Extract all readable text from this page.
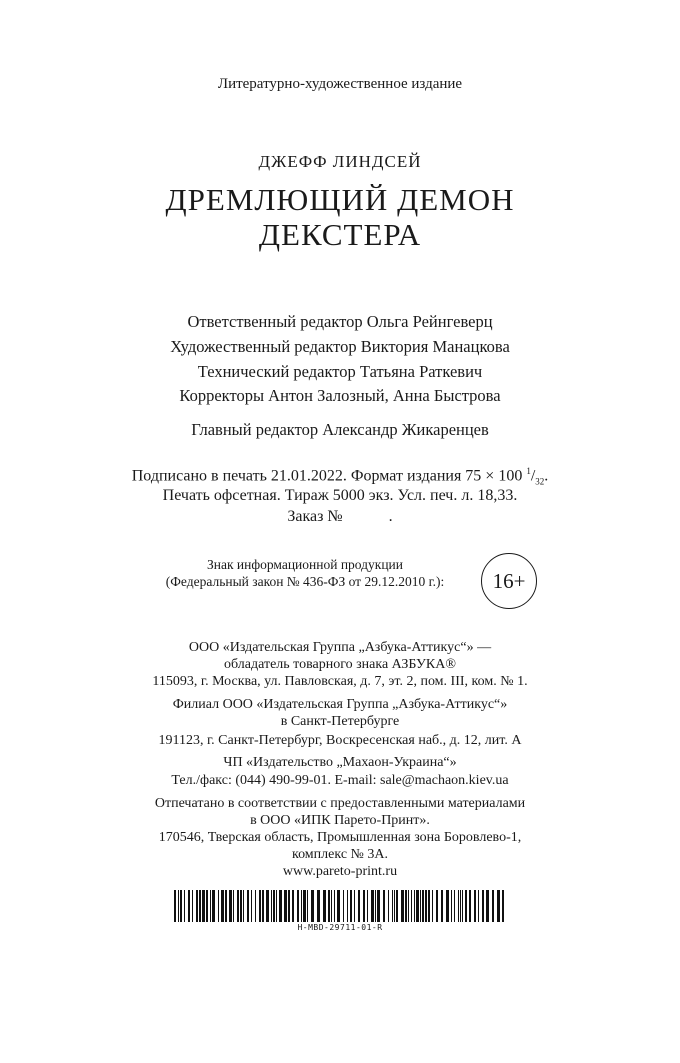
Литературно-художественное издание
ДЖЕФФ ЛИНДСЕЙ
ДРЕМЛЮЩИЙ ДЕМОН
ДЕКСТЕРА
Ответственный редактор Ольга Рейнгеверц
Художественный редактор Виктория Манацкова
Технический редактор Татьяна Раткевич
Корректоры Антон Залозный, Анна Быстрова
Главный редактор Александр Жикаренцев
Подписано в печать 21.01.2022. Формат издания 75 × 100 $^1/_{32}$.
Печать офсетная. Тираж 5000 экз. Усл. печ. л. 18,33.
Заказ №	.
Знак информационной продукции
(Федеральный закон № 436-ФЗ от 29.12.2010 г.):	16+
ООО «Издательская Группа „Азбука-Аттикус“» —
обладатель товарного знака АЗБУКА®
115093, г. Москва, ул. Павловская, д. 7, эт. 2, пом. III, ком. № 1.
Филиал ООО «Издательская Группа „Азбука-Аттикус“»
в Санкт-Петербурге
191123, г. Санкт-Петербург, Воскресенская наб., д. 12, лит. А
ЧП «Издательство „Махаон-Украина“»
Тел./факс: (044) 490-99-01. E-mail: sale@machaon.kiev.ua
Отпечатано в соответствии с предоставленными материалами
в ООО «ИПК Парето-Принт».
170546, Тверская область, Промышленная зона Боровлево-1,
комплекс № 3А.
www.pareto-print.ru
H-MBD-29711-01-R
